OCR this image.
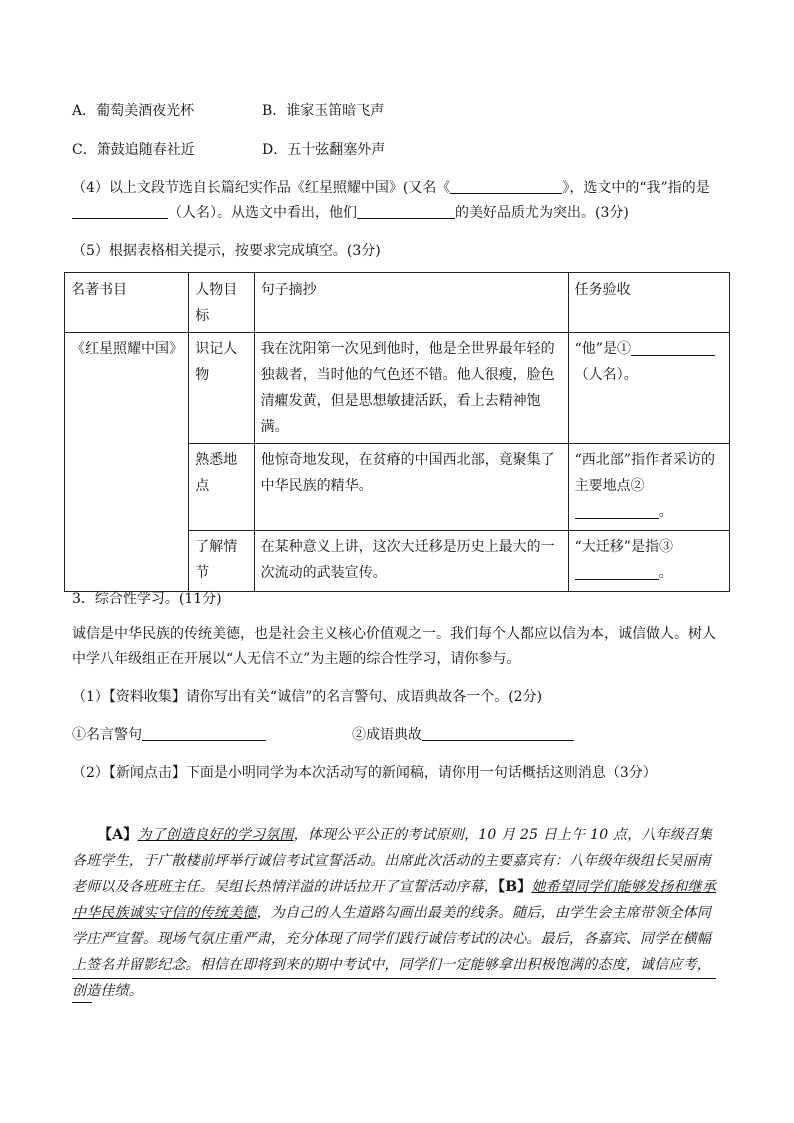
A．葡萄美酒夜光杯	B．谁家玉笛暗飞声
C．箫鼓追随春社近	D．五十弦翻塞外声
（4）以上文段节选自长篇纪实作品《红星照耀中国》(又名《	》，选文中的“我”指的是
（人名）。从选文中看出，他们	的美好品质尤为突出。(3分)
（5）根据表格相关提示，按要求完成填空。(3分)
名著书目	人物目标	句子摘抄	任务验收
《红星照耀中国》	识记人物	我在沈阳第一次见到他时，他是全世界最年轻的独裁者，当时他的气色还不错。他人很瘦，脸色清癯发黄，但是思想敏捷活跃，看上去精神饱满。	“他”是①（人名）。
	熟悉地点	他惊奇地发现，在贫瘠的中国西北部，竟聚集了中华民族的精华。	“西北部”指作者采访的主要地点②
。
	了解情节	在某种意义上讲，这次大迁移是历史上最大的一次流动的武装宣传。	“大迁移”是指③
。
3．综合性学习。(11分)
诚信是中华民族的传统美德，也是社会主义核心价值观之一。我们每个人都应以信为本，诚信做人。树人
中学八年级组正在开展以“人无信不立”为主题的综合性学习，请你参与。
（1）【资料收集】请你写出有关“诚信”的名言警句、成语典故各一个。(2分)
①名言警句	②成语典故
（2）【新闻点击】下面是小明同学为本次活动写的新闻稿，请你用一句话概括这则消息（3分）
【A】为了创造良好的学习氛围，体现公平公正的考试原则，10 月 25 日上午 10 点，八年级召集各班学生，于广散楼前坪举行诚信考试宣誓活动。出席此次活动的主要嘉宾有：八年级年级组长吴丽南老师以及各班班主任。吴组长热情洋溢的讲话拉开了宣誓活动序幕，【B】她希望同学们能够发扬和继承中华民族诚实守信的传统美德，为自己的人生道路勾画出最美的线条。随后，由学生会主席带领全体同学庄严宣誓。现场气氛庄重严肃，充分体现了同学们践行诚信考试的决心。最后，各嘉宾、同学在横幅上签名并留影纪念。相信在即将到来的期中考试中，同学们一定能够拿出积极饱满的态度，诚信应考，创造佳绩。
